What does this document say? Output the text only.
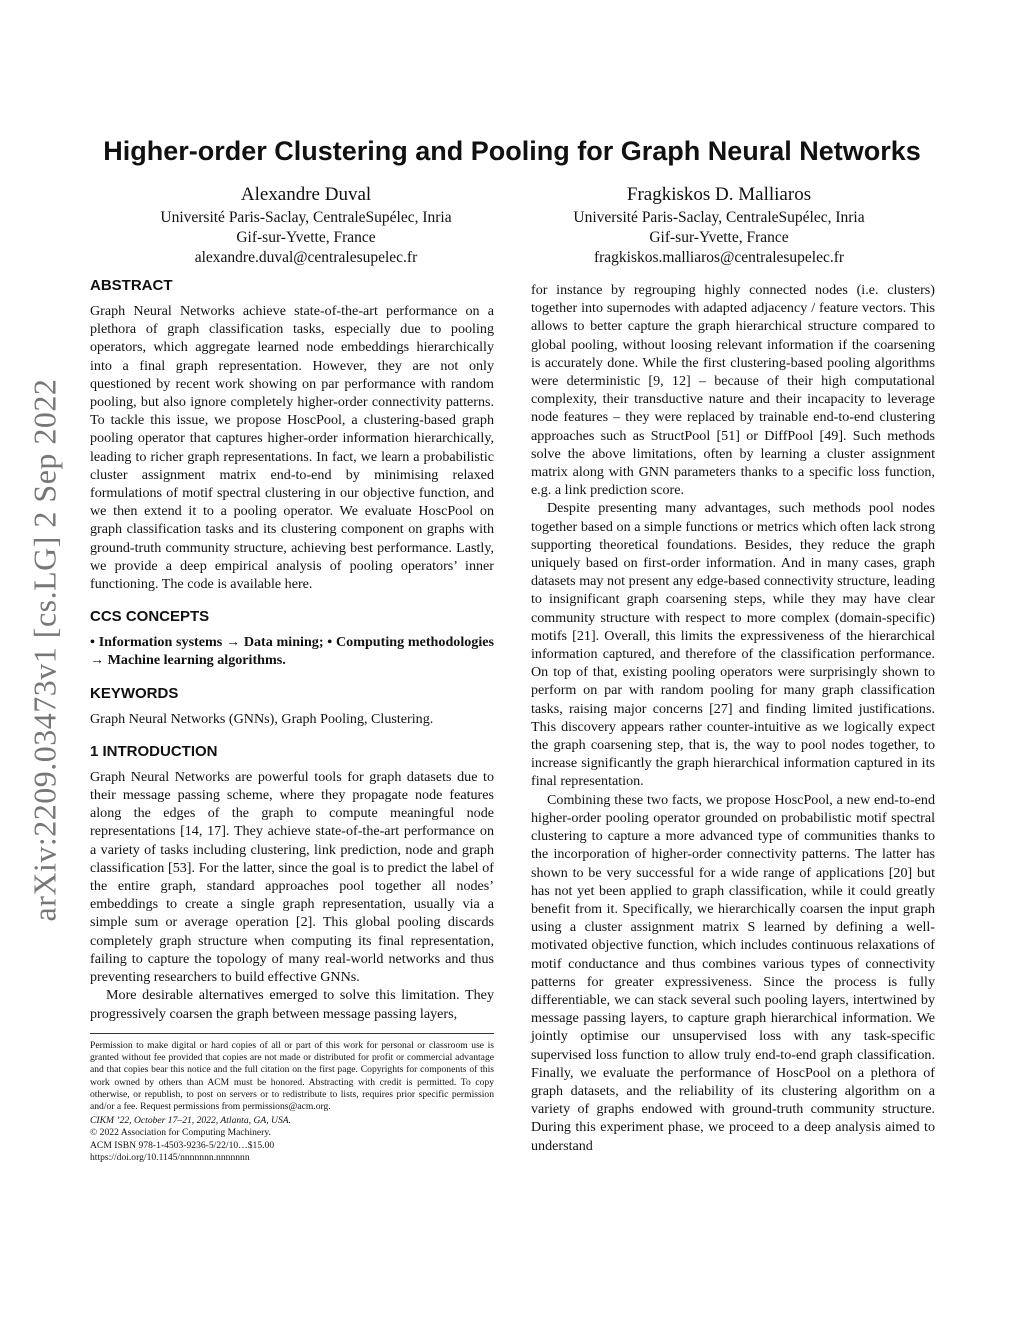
arXiv:2209.03473v1 [cs.LG] 2 Sep 2022
Higher-order Clustering and Pooling for Graph Neural Networks
Alexandre Duval
Université Paris-Saclay, CentraleSupélec, Inria
Gif-sur-Yvette, France
alexandre.duval@centralesupelec.fr
Fragkiskos D. Malliaros
Université Paris-Saclay, CentraleSupélec, Inria
Gif-sur-Yvette, France
fragkiskos.malliaros@centralesupelec.fr
ABSTRACT

Graph Neural Networks achieve state-of-the-art performance on a plethora of graph classification tasks, especially due to pooling operators, which aggregate learned node embeddings hierarchically into a final graph representation. However, they are not only questioned by recent work showing on par performance with random pooling, but also ignore completely higher-order connectivity patterns. To tackle this issue, we propose HoscPool, a clustering-based graph pooling operator that captures higher-order information hierarchically, leading to richer graph representations. In fact, we learn a probabilistic cluster assignment matrix end-to-end by minimising relaxed formulations of motif spectral clustering in our objective function, and we then extend it to a pooling operator. We evaluate HoscPool on graph classification tasks and its clustering component on graphs with ground-truth community structure, achieving best performance. Lastly, we provide a deep empirical analysis of pooling operators’ inner functioning. The code is available here.

CCS CONCEPTS

• Information systems → Data mining; • Computing methodologies → Machine learning algorithms.

KEYWORDS

Graph Neural Networks (GNNs), Graph Pooling, Clustering.

1 INTRODUCTION

Graph Neural Networks are powerful tools for graph datasets due to their message passing scheme, where they propagate node features along the edges of the graph to compute meaningful node representations [14, 17]. They achieve state-of-the-art performance on a variety of tasks including clustering, link prediction, node and graph classification [53]. For the latter, since the goal is to predict the label of the entire graph, standard approaches pool together all nodes’ embeddings to create a single graph representation, usually via a simple sum or average operation [2]. This global pooling discards completely graph structure when computing its final representation, failing to capture the topology of many real-world networks and thus preventing researchers to build effective GNNs.

More desirable alternatives emerged to solve this limitation. They progressively coarsen the graph between message passing layers,

for instance by regrouping highly connected nodes (i.e. clusters) together into supernodes with adapted adjacency / feature vectors. This allows to better capture the graph hierarchical structure compared to global pooling, without loosing relevant information if the coarsening is accurately done. While the first clustering-based pooling algorithms were deterministic [9, 12] – because of their high computational complexity, their transductive nature and their incapacity to leverage node features – they were replaced by trainable end-to-end clustering approaches such as StructPool [51] or DiffPool [49]. Such methods solve the above limitations, often by learning a cluster assignment matrix along with GNN parameters thanks to a specific loss function, e.g. a link prediction score.

Despite presenting many advantages, such methods pool nodes together based on a simple functions or metrics which often lack strong supporting theoretical foundations. Besides, they reduce the graph uniquely based on first-order information. And in many cases, graph datasets may not present any edge-based connectivity structure, leading to insignificant graph coarsening steps, while they may have clear community structure with respect to more complex (domain-specific) motifs [21]. Overall, this limits the expressiveness of the hierarchical information captured, and therefore of the classification performance. On top of that, existing pooling operators were surprisingly shown to perform on par with random pooling for many graph classification tasks, raising major concerns [27] and finding limited justifications. This discovery appears rather counter-intuitive as we logically expect the graph coarsening step, that is, the way to pool nodes together, to increase significantly the graph hierarchical information captured in its final representation.

Combining these two facts, we propose HoscPool, a new end-to-end higher-order pooling operator grounded on probabilistic motif spectral clustering to capture a more advanced type of communities thanks to the incorporation of higher-order connectivity patterns. The latter has shown to be very successful for a wide range of applications [20] but has not yet been applied to graph classification, while it could greatly benefit from it. Specifically, we hierarchically coarsen the input graph using a cluster assignment matrix S learned by defining a well-motivated objective function, which includes continuous relaxations of motif conductance and thus combines various types of connectivity patterns for greater expressiveness. Since the process is fully differentiable, we can stack several such pooling layers, intertwined by message passing layers, to capture graph hierarchical information. We jointly optimise our unsupervised loss with any task-specific supervised loss function to allow truly end-to-end graph classification. Finally, we evaluate the performance of HoscPool on a plethora of graph datasets, and the reliability of its clustering algorithm on a variety of graphs endowed with ground-truth community structure. During this experiment phase, we proceed to a deep analysis aimed to understand

Permission to make digital or hard copies of all or part of this work for personal or classroom use is granted without fee provided that copies are not made or distributed for profit or commercial advantage and that copies bear this notice and the full citation on the first page. Copyrights for components of this work owned by others than ACM must be honored. Abstracting with credit is permitted. To copy otherwise, or republish, to post on servers or to redistribute to lists, requires prior specific permission and/or a fee. Request permissions from permissions@acm.org.

CIKM ’22, October 17–21, 2022, Atlanta, GA, USA.

© 2022 Association for Computing Machinery.

ACM ISBN 978-1-4503-9236-5/22/10…$15.00

https://doi.org/10.1145/nnnnnnn.nnnnnnn
